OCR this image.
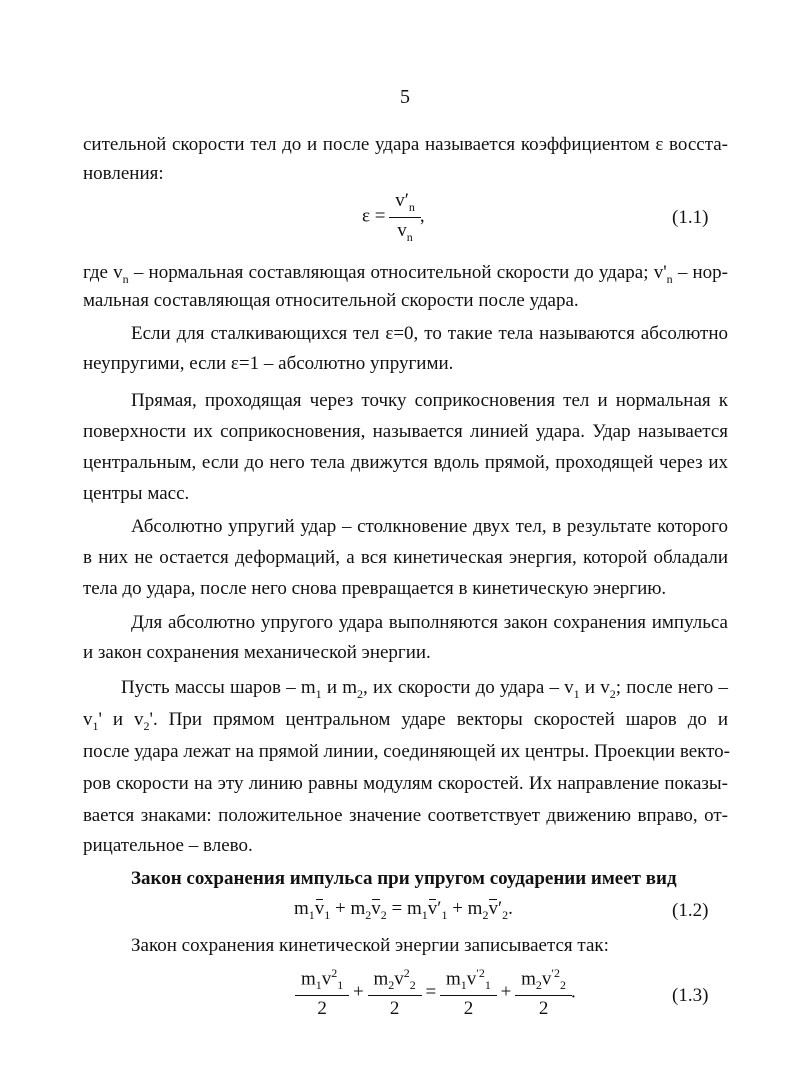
5
сительной скорости тел до и после удара называется коэффициентом ε восста-
новления:
$\varepsilon = \frac{v'_n}{v_n}$ ,	(1.1)
где $v_n$ – нормальная составляющая относительной скорости до удара; $v'_n - нор-$
мальная составляющая относительной скорости после удара.
Если для сталкивающихся тел ε=0, то такие тела называются абсолютно
неупругими, если ε=1 – абсолютно упругими.
Прямая, проходящая через точку соприкосновения тел и нормальная к
поверхности их соприкосновения, называется линией удара. Удар называется
центральным, если до него тела движутся вдоль прямой, проходящей через их
центры масс.
Абсолютно упругий удар – столкновение двух тел, в результате которого
в них не остается деформаций, а вся кинетическая энергия, которой обладали
тела до удара, после него снова превращается в кинетическую энергию.
Для абсолютно упругого удара выполняются закон сохранения импульса
и закон сохранения механической энергии.
Пусть массы шаров – $m_1$ и $m_2$, их скорости до удара – $v_1$ и $v_2$; после него –
$v_1'$ и $v_2'$. При прямом центральном ударе векторы скоростей шаров до и
после удара лежат на прямой линии, соединяющей их центры. Проекции векто-
ров скорости на эту линию равны модулям скоростей. Их направление показы-
вается знаками: положительное значение соответствует движению вправо, от-
рицательное – влево.
Закон сохранения импульса при упругом соударении имеет вид
$m_1v_1 + m_2v_2 = m_1v'_1 + m_2v'_2$.	(1.2)
Закон сохранения кинетической энергии записывается так:
$\frac{m_1v^2_1}{2} + \frac{m_2v^2_2}{2} = \frac{m_1v^{'2}_1}{2} + \frac{m_2v^{'2}_2}{2}$ .	(1.3)
